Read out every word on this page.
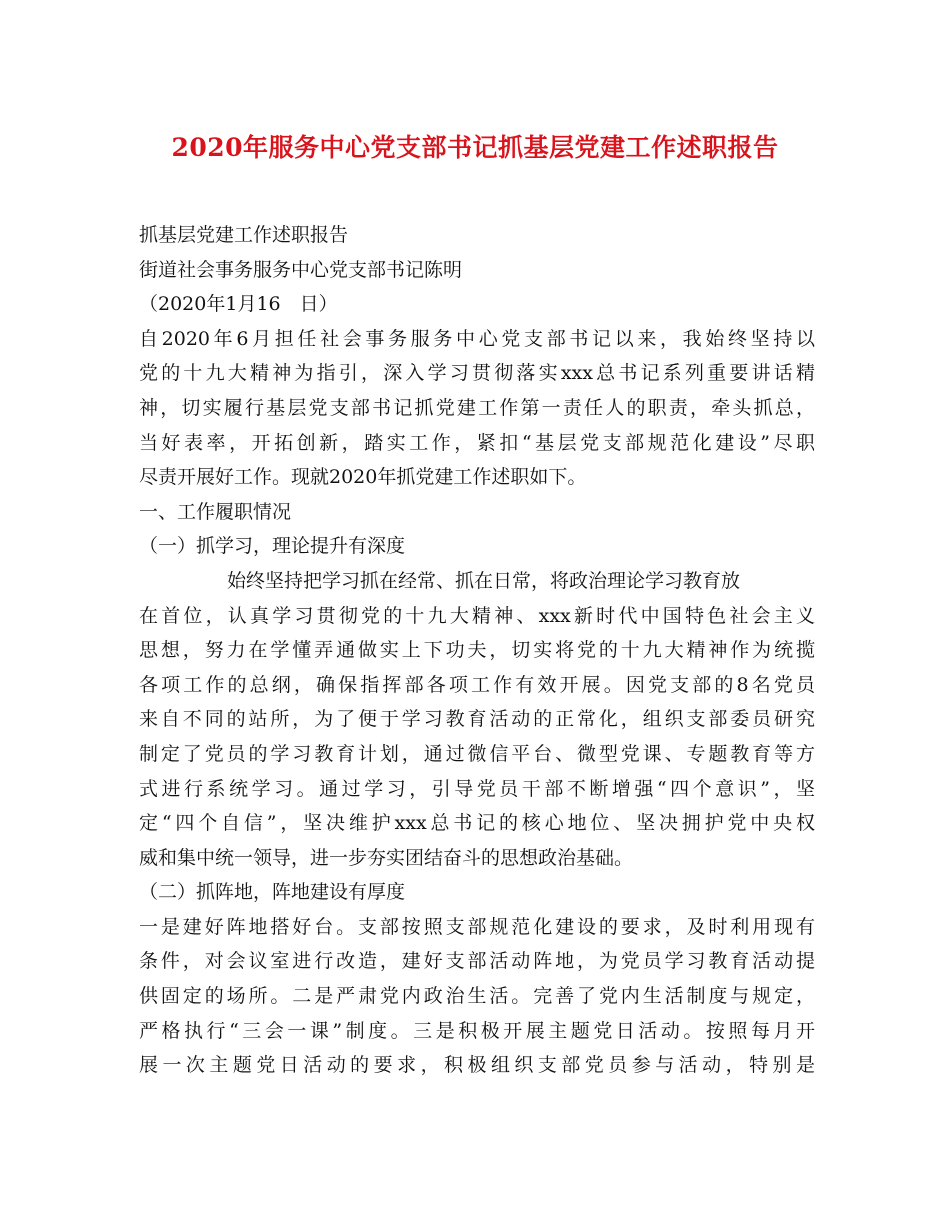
2020年服务中心党支部书记抓基层党建工作述职报告
抓基层党建工作述职报告
街道社会事务服务中心党支部书记陈明
（2020年1月16　日）
自2020年6月担任社会事务服务中心党支部书记以来，我始终坚持以
党的十九大精神为指引，深入学习贯彻落实xxx总书记系列重要讲话精
神，切实履行基层党支部书记抓党建工作第一责任人的职责，牵头抓总，
当好表率，开拓创新，踏实工作，紧扣“基层党支部规范化建设”尽职
尽责开展好工作。现就2020年抓党建工作述职如下。
一、工作履职情况
（一）抓学习，理论提升有深度
始终坚持把学习抓在经常、抓在日常，将政治理论学习教育放
在首位，认真学习贯彻党的十九大精神、xxx新时代中国特色社会主义
思想，努力在学懂弄通做实上下功夫，切实将党的十九大精神作为统揽
各项工作的总纲，确保指挥部各项工作有效开展。因党支部的8名党员
来自不同的站所，为了便于学习教育活动的正常化，组织支部委员研究
制定了党员的学习教育计划，通过微信平台、微型党课、专题教育等方
式进行系统学习。通过学习，引导党员干部不断增强“四个意识”，坚
定“四个自信”，坚决维护xxx总书记的核心地位、坚决拥护党中央权
威和集中统一领导，进一步夯实团结奋斗的思想政治基础。
（二）抓阵地，阵地建设有厚度
一是建好阵地搭好台。支部按照支部规范化建设的要求，及时利用现有
条件，对会议室进行改造，建好支部活动阵地，为党员学习教育活动提
供固定的场所。二是严肃党内政治生活。完善了党内生活制度与规定，
严格执行“三会一课”制度。三是积极开展主题党日活动。按照每月开
展一次主题党日活动的要求，积极组织支部党员参与活动，特别是
